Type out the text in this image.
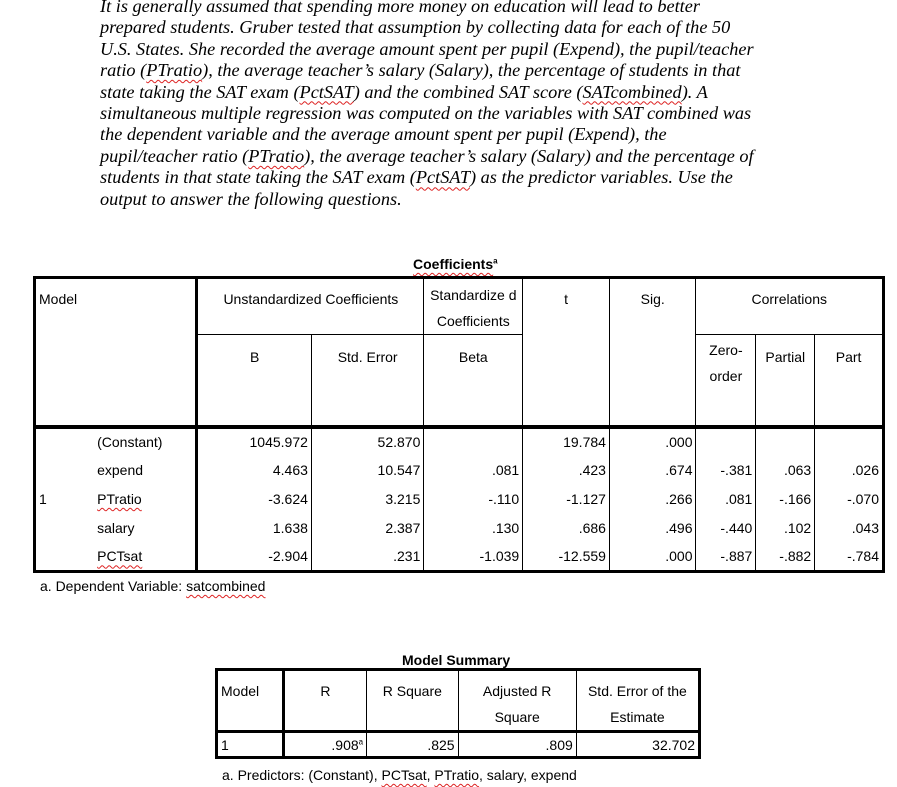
It is generally assumed that spending more money on education will lead to better
prepared students. Gruber tested that assumption by collecting data for each of the 50
U.S. States. She recorded the average amount spent per pupil (Expend), the pupil/teacher
ratio (PTratio), the average teacher’s salary (Salary), the percentage of students in that
state taking the SAT exam (PctSAT) and the combined SAT score (SATcombined). A
simultaneous multiple regression was computed on the variables with SAT combined was
the dependent variable and the average amount spent per pupil (Expend), the
pupil/teacher ratio (PTratio), the average teacher’s salary (Salary) and the percentage of
students in that state taking the SAT exam (PctSAT) as the predictor variables. Use the
output to answer the following questions.
Coefficients$^a$
Model		Unstandardized Coefficients		Standardize d Coefficients	t	Sig.	Correlations		
		B	Std. Error	Beta			Zero- order	Partial	Part
	(Constant)	1045.972	52.870		19.784	.000			
	expend	4.463	10.547	.081	.423	.674	-.381	.063	.026
1	PTratio	-3.624	3.215	-.110	-1.127	.266	.081	-.166	-.070
	salary	1.638	2.387	.130	.686	.496	-.440	.102	.043
	PCTsat	-2.904	.231	-1.039	-12.559	.000	-.887	-.882	-.784
a. Dependent Variable: satcombined
Model Summary
Model	R	R Square	Adjusted R Square	Std. Error of the Estimate
1	.908$^a$	.825	.809	32.702
a. Predictors: (Constant), PCTsat, PTratio, salary, expend
